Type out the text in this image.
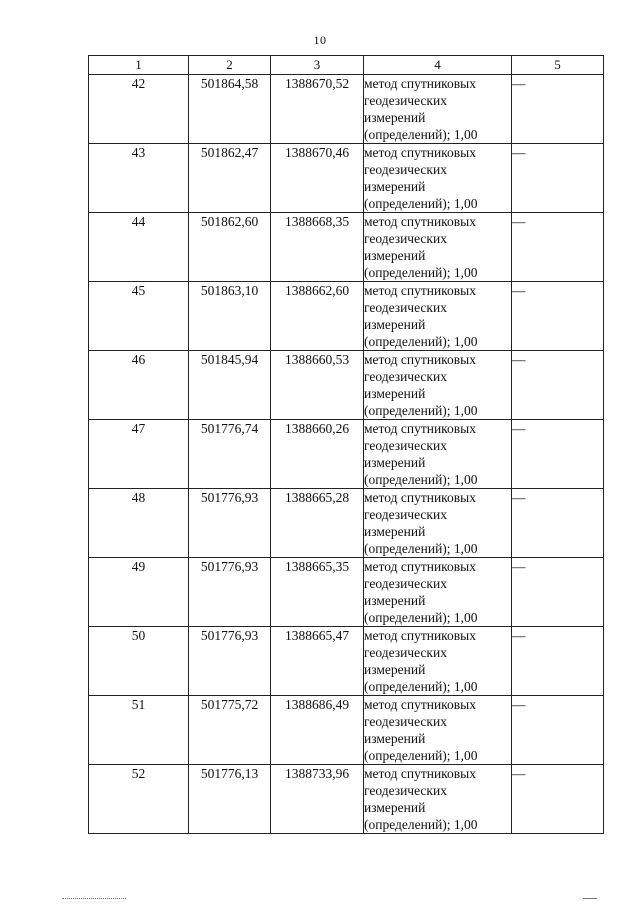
10
1	2	3	4	5
42	501864,58	1388670,52	метод спутниковых
геодезических
измерений
(определений); 1,00	—
43	501862,47	1388670,46	метод спутниковых
геодезических
измерений
(определений); 1,00	—
44	501862,60	1388668,35	метод спутниковых
геодезических
измерений
(определений); 1,00	—
45	501863,10	1388662,60	метод спутниковых
геодезических
измерений
(определений); 1,00	—
46	501845,94	1388660,53	метод спутниковых
геодезических
измерений
(определений); 1,00	—
47	501776,74	1388660,26	метод спутниковых
геодезических
измерений
(определений); 1,00	—
48	501776,93	1388665,28	метод спутниковых
геодезических
измерений
(определений); 1,00	—
49	501776,93	1388665,35	метод спутниковых
геодезических
измерений
(определений); 1,00	—
50	501776,93	1388665,47	метод спутниковых
геодезических
измерений
(определений); 1,00	—
51	501775,72	1388686,49	метод спутниковых
геодезических
измерений
(определений); 1,00	—
52	501776,13	1388733,96	метод спутниковых
геодезических
измерений
(определений); 1,00	—
